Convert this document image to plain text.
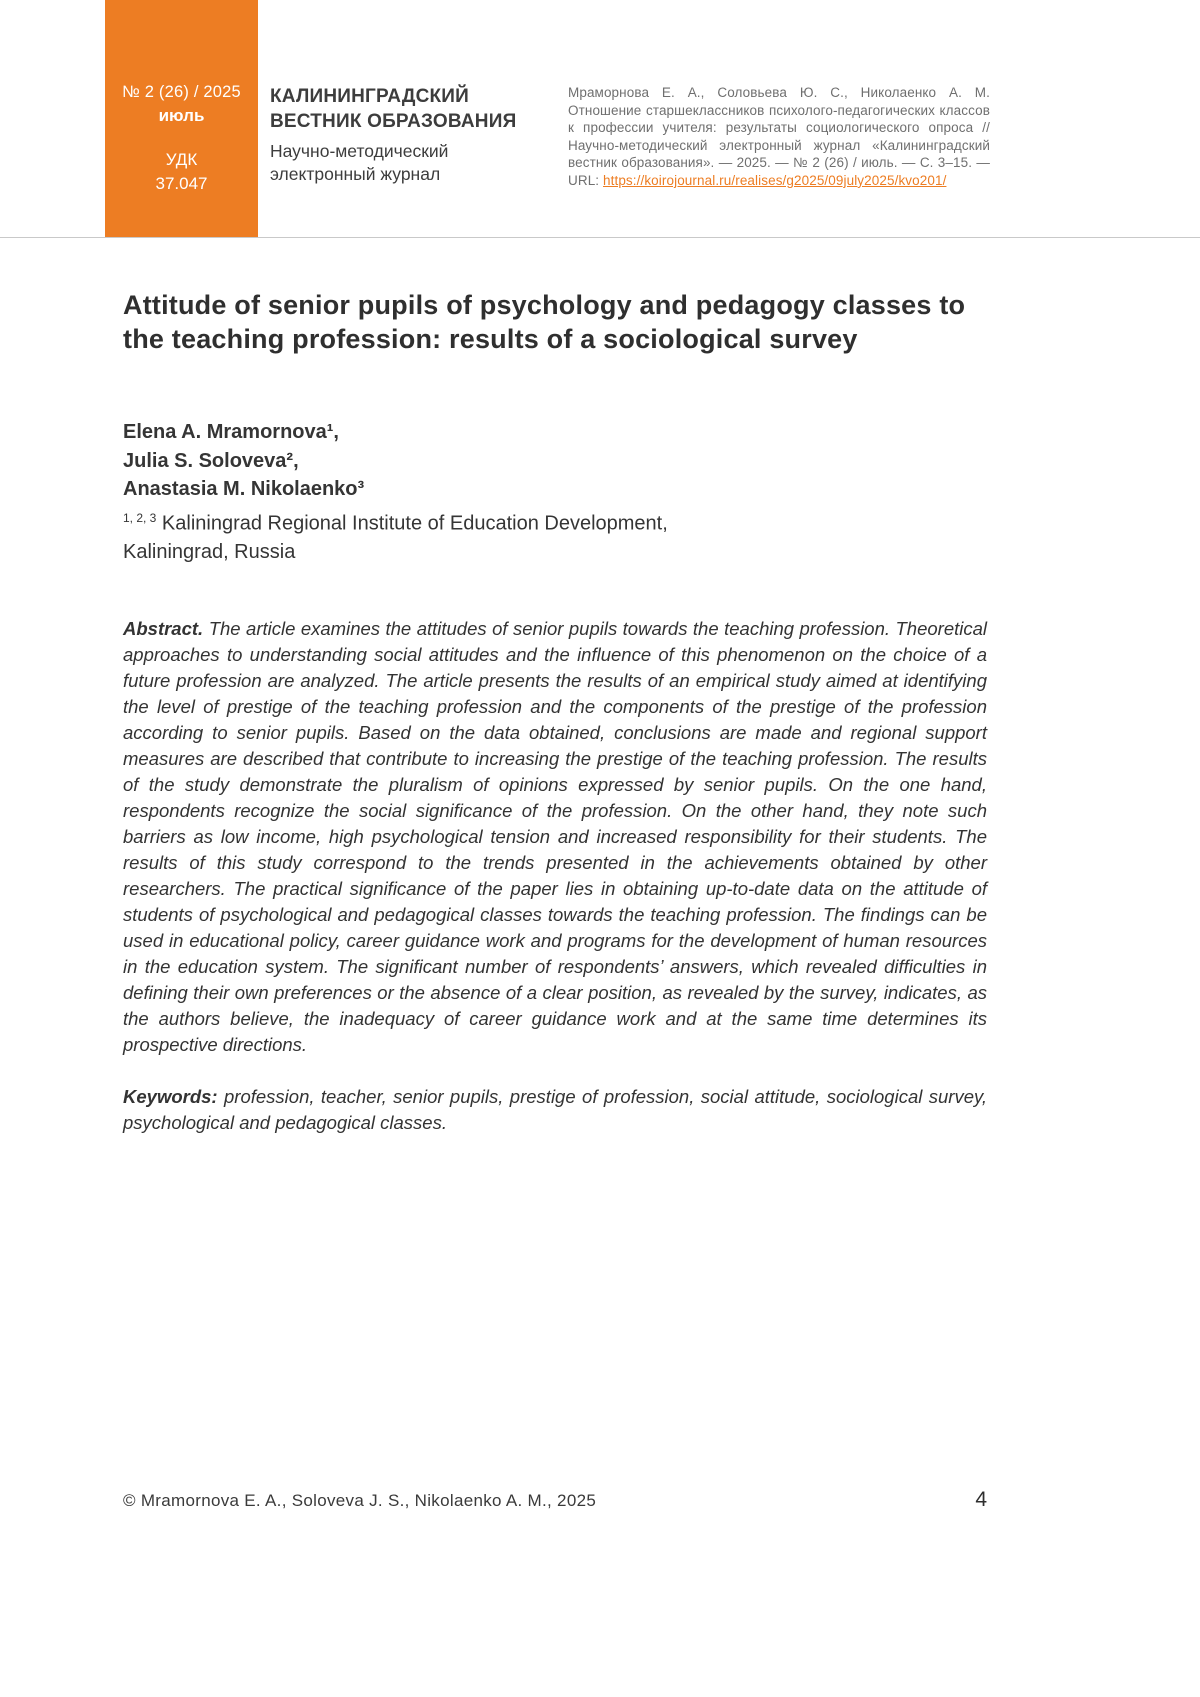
№ 2 (26) / 2025
июль
УДК
37.047
КАЛИНИНГРАДСКИЙ ВЕСТНИК ОБРАЗОВАНИЯ
Научно-методический электронный журнал
Мраморнова Е. А., Соловьева Ю. С., Николаенко А. М. Отношение старшеклассников психолого-педагогических классов к профессии учителя: результаты социологического опроса // Научно-методический электронный журнал «Калининградский вестник образования». — 2025. — № 2 (26) / июль. — С. 3–15. — URL: https://koirojournal.ru/realises/g2025/09july2025/kvo201/
Attitude of senior pupils of psychology and pedagogy classes to the teaching profession: results of a sociological survey
Elena A. Mramornova¹,
Julia S. Soloveva²,
Anastasia M. Nikolaenko³

$^{1, 2, 3}$ Kaliningrad Regional Institute of Education Development,
Kaliningrad, Russia

Abstract. The article examines the attitudes of senior pupils towards the teaching profession. Theoretical approaches to understanding social attitudes and the influence of this phenomenon on the choice of a future profession are analyzed. The article presents the results of an empirical study aimed at identifying the level of prestige of the teaching profession and the components of the prestige of the profession according to senior pupils. Based on the data obtained, conclusions are made and regional support measures are described that contribute to increasing the prestige of the teaching profession. The results of the study demonstrate the pluralism of opinions expressed by senior pupils. On the one hand, respondents recognize the social significance of the profession. On the other hand, they note such barriers as low income, high psychological tension and increased responsibility for their students. The results of this study correspond to the trends presented in the achievements obtained by other researchers. The practical significance of the paper lies in obtaining up-to-date data on the attitude of students of psychological and pedagogical classes towards the teaching profession. The findings can be used in educational policy, career guidance work and programs for the development of human resources in the education system. The significant number of respondents’ answers, which revealed difficulties in defining their own preferences or the absence of a clear position, as revealed by the survey, indicates, as the authors believe, the inadequacy of career guidance work and at the same time determines its prospective directions.

Keywords: profession, teacher, senior pupils, prestige of profession, social attitude, sociological survey, psychological and pedagogical classes.

© Mramornova E. A., Soloveva J. S., Nikolaenko A. M., 2025	4
